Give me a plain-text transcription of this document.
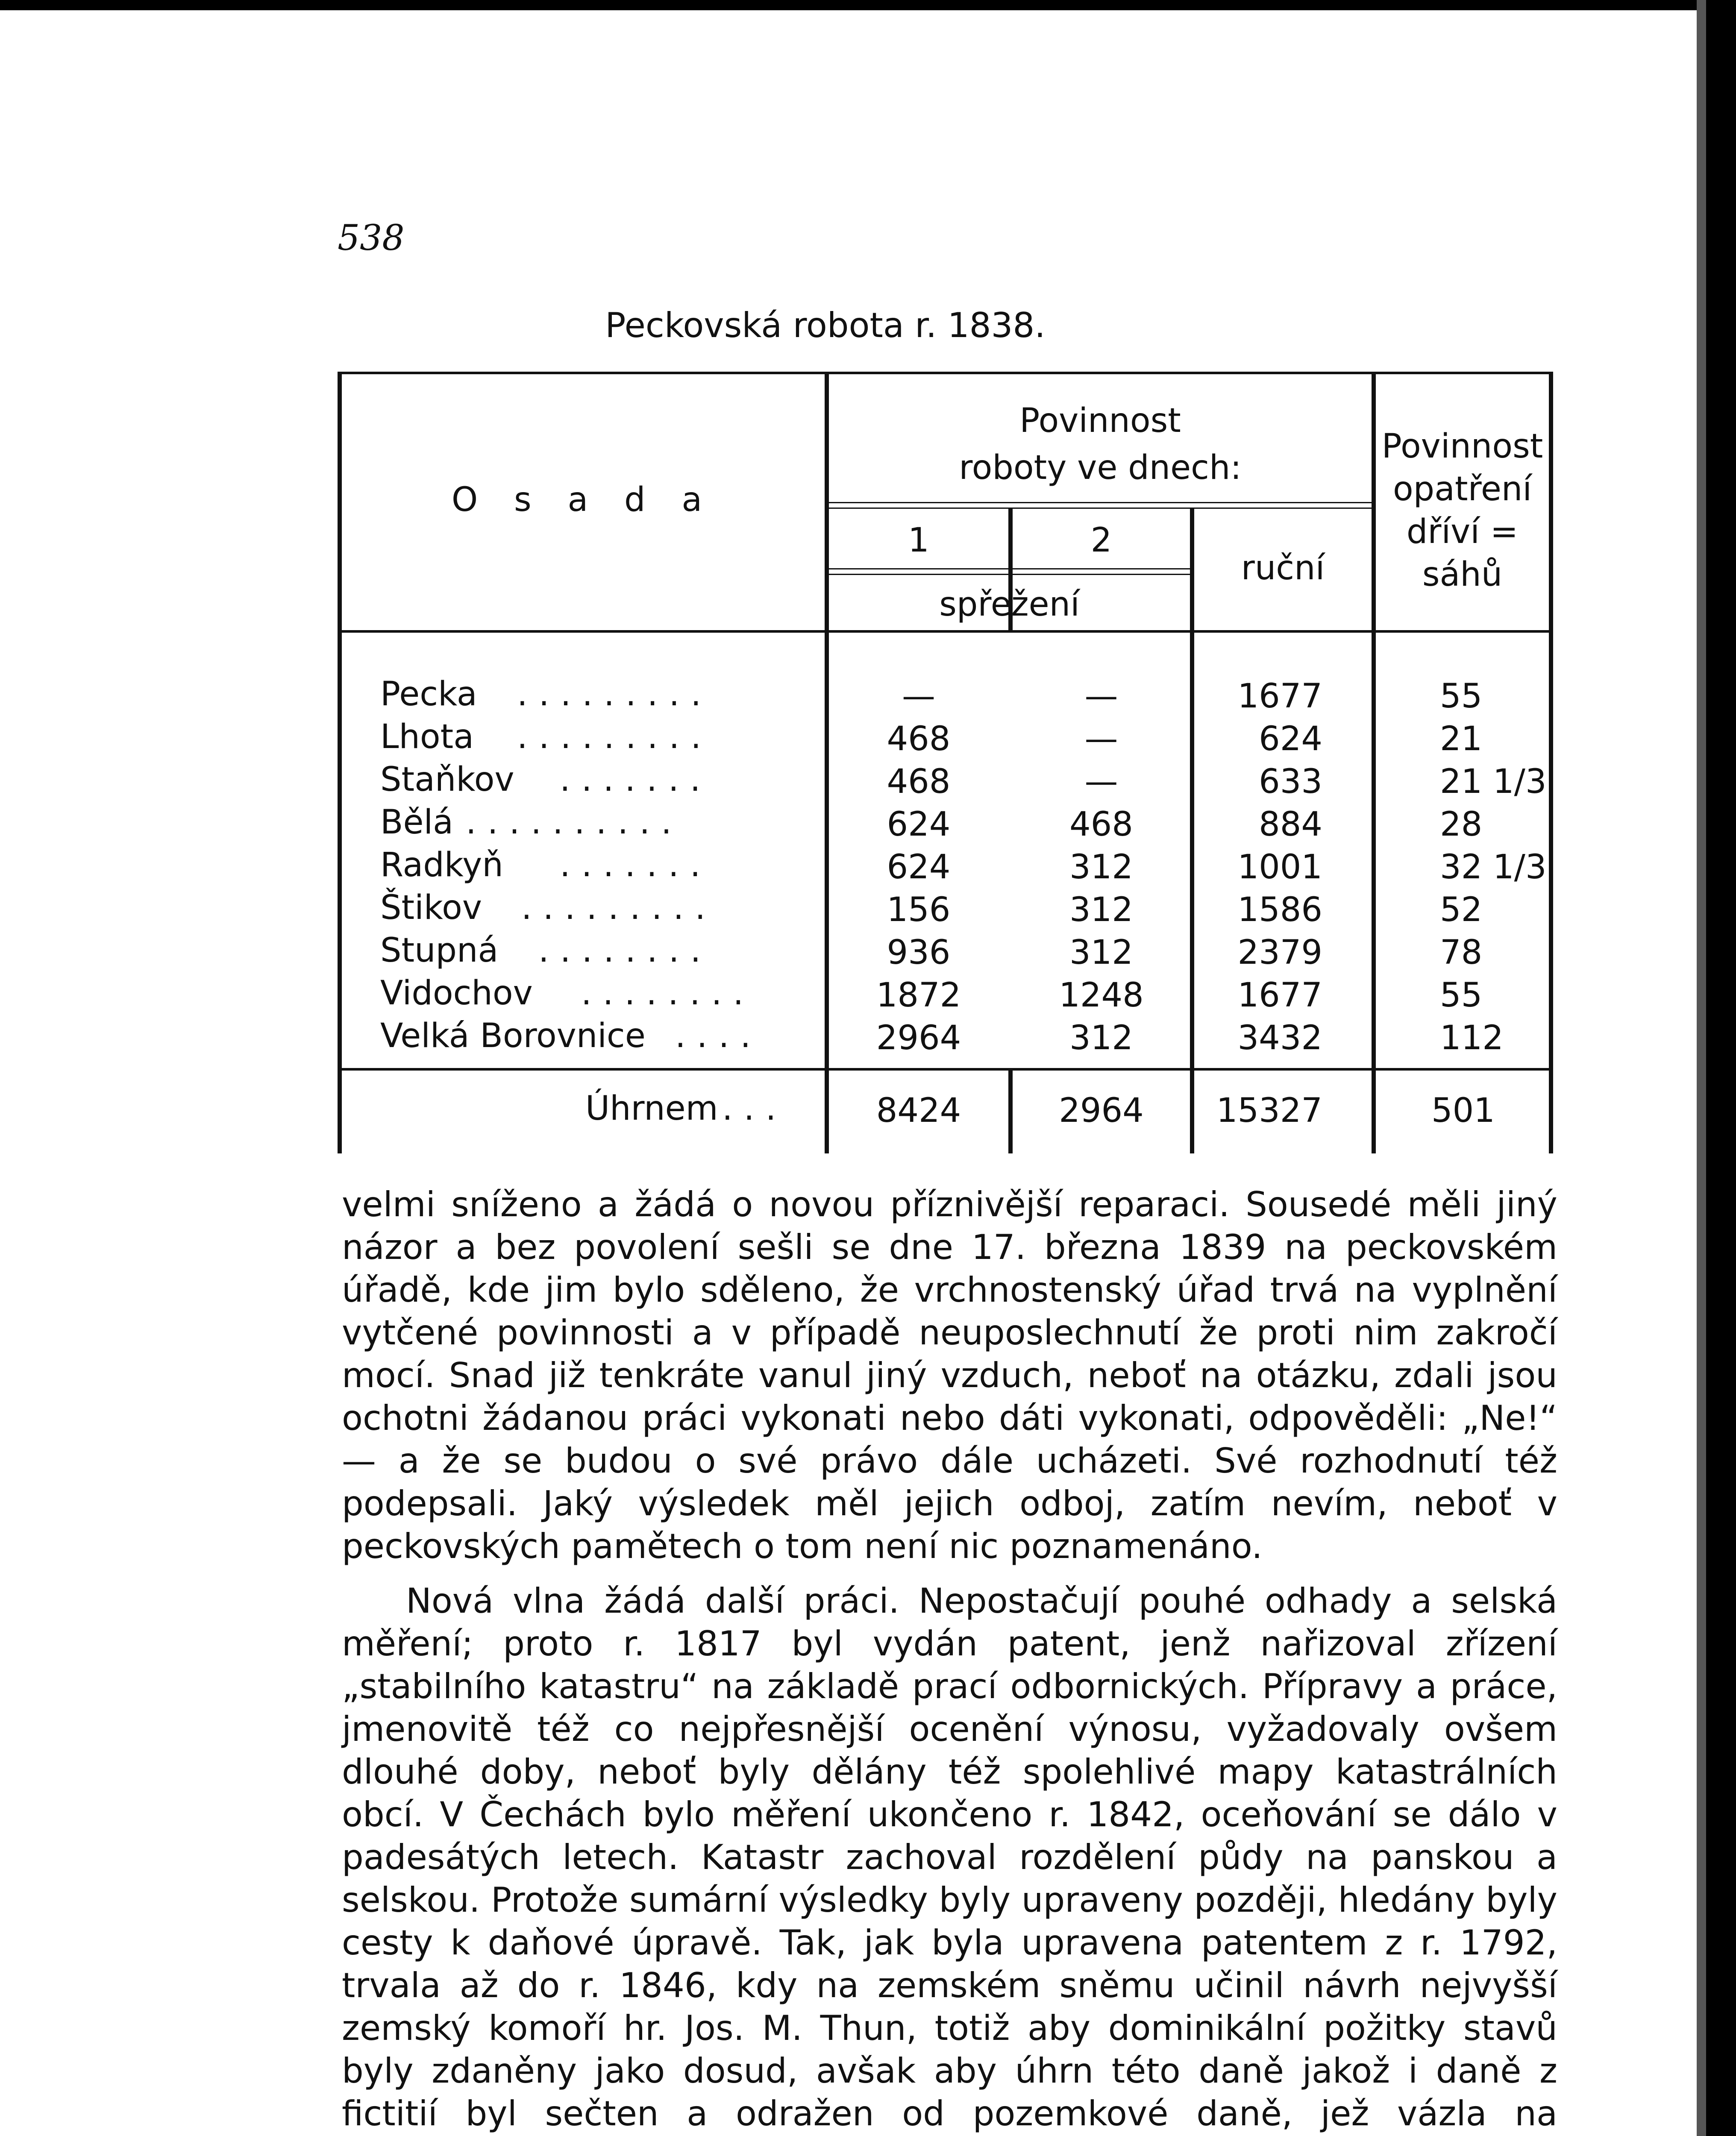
538
Peckovská robota r. 1838.
O s a d a
Povinnost
roboty ve dnech:
1	2
spřežení
ruční
Povinnost
opatření
dříví =
sáhů
Pecka .........	—	—	1677	55
Lhota .........	468	—	624	21
Staňkov .......	468	—	633	21 1/3
Bělá ..........	624	468	884	28
Radkyň .......	624	312	1001	32 1/3
Štikov .........	156	312	1586	52
Stupná ........	936	312	2379	78
Vidochov ........	1872	1248	1677	55
Velká Borovnice ....	2964	312	3432	112
Úhrnem ...	8424	2964	15327	501

velmi sníženo a žádá o novou příznivější reparaci. Sousedé měli jiný názor a bez povolení sešli se dne 17. března 1839 na peckovském úřadě, kde jim bylo sděleno, že vrchnostenský úřad trvá na vyplnění vytčené povinnosti a v případě neuposlechnutí že proti nim zakročí mocí. Snad již tenkráte vanul jiný vzduch, neboť na otázku, zdali jsou ochotni žádanou práci vykonati nebo dáti vykonati, odpověděli: „Ne!“ — a že se budou o své právo dále ucházeti. Své rozhodnutí též podepsali. Jaký výsledek měl jejich odboj, zatím nevím, neboť v peckovských pamětech o tom není nic poznamenáno.

Nová vlna žádá další práci. Nepostačují pouhé odhady a selská měření; proto r. 1817 byl vydán patent, jenž nařizoval zřízení „stabilního katastru“ na základě prací odbornických. Přípravy a práce, jmenovitě též co nejpřesnější ocenění výnosu, vyžadovaly ovšem dlouhé doby, neboť byly dělány též spolehlivé mapy katastrálních obcí. V Čechách bylo měření ukončeno r. 1842, oceňování se dálo v padesátých letech. Katastr zachoval rozdělení půdy na panskou a selskou. Protože sumární výsledky byly upraveny později, hledány byly cesty k daňové úpravě. Tak, jak byla upravena patentem z r. 1792, trvala až do r. 1846, kdy na zemském sněmu učinil návrh nejvyšší zemský komoří hr. Jos. M. Thun, totiž aby dominikální požitky stavů byly zdaněny jako dosud, avšak aby úhrn této daně jakož i daně z fictitií byl sečten a odražen od pozemkové daně, jež vázla na
